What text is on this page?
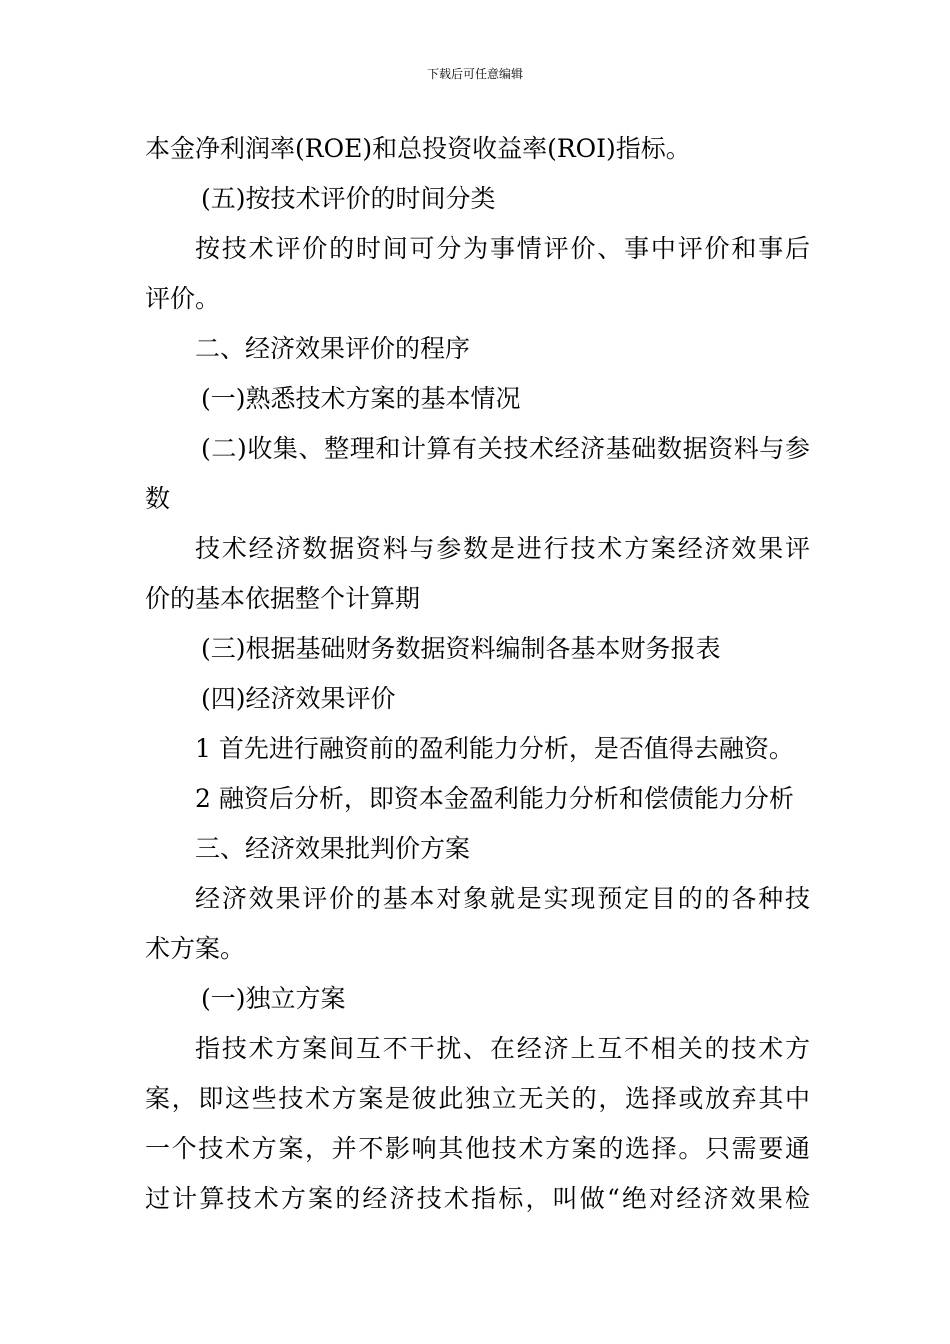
下载后可任意编辑
本金净利润率(ROE)和总投资收益率(ROI)指标。
(五)按技术评价的时间分类
按技术评价的时间可分为事情评价、事中评价和事后
评价。
二、经济效果评价的程序
(一)熟悉技术方案的基本情况
(二)收集、整理和计算有关技术经济基础数据资料与参
数
技术经济数据资料与参数是进行技术方案经济效果评
价的基本依据整个计算期
(三)根据基础财务数据资料编制各基本财务报表
(四)经济效果评价
1 首先进行融资前的盈利能力分析，是否值得去融资。
2 融资后分析，即资本金盈利能力分析和偿债能力分析
三、经济效果批判价方案
经济效果评价的基本对象就是实现预定目的的各种技
术方案。
(一)独立方案
指技术方案间互不干扰、在经济上互不相关的技术方
案，即这些技术方案是彼此独立无关的，选择或放弃其中
一个技术方案，并不影响其他技术方案的选择。只需要通
过计算技术方案的经济技术指标，叫做“绝对经济效果检
